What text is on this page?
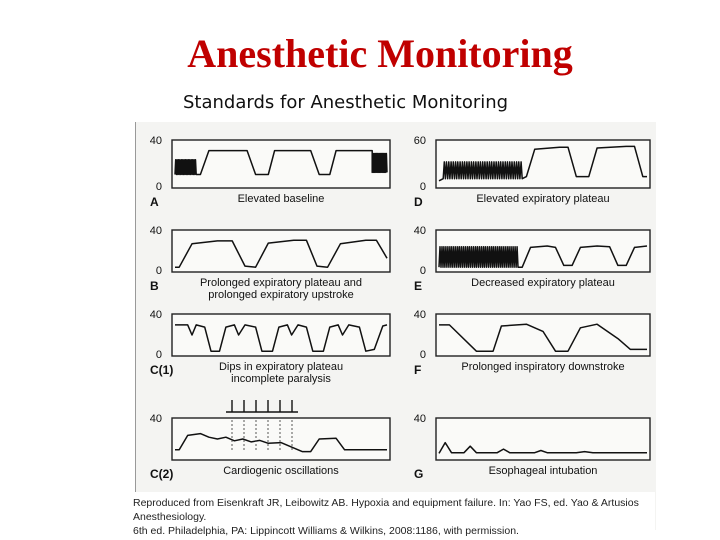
Anesthetic Monitoring
Standards for Anesthetic Monitoring
40
0
A	Elevated baseline
40
0
B	Prolonged expiratory plateau and
prolonged expiratory upstroke
40
0
C(1)	Dips in expiratory plateau
incomplete paralysis
40
C(2)	Cardiogenic oscillations
60
0
D	Elevated expiratory plateau
40
0
E	Decreased expiratory plateau
40
0
F	Prolonged inspiratory downstroke
40
G	Esophageal intubation
Reproduced from Eisenkraft JR, Leibowitz AB. Hypoxia and equipment failure. In: Yao FS, ed. Yao & Artusios Anesthesiology.
6th ed. Philadelphia, PA: Lippincott Williams & Wilkins, 2008:1186, with permission.
